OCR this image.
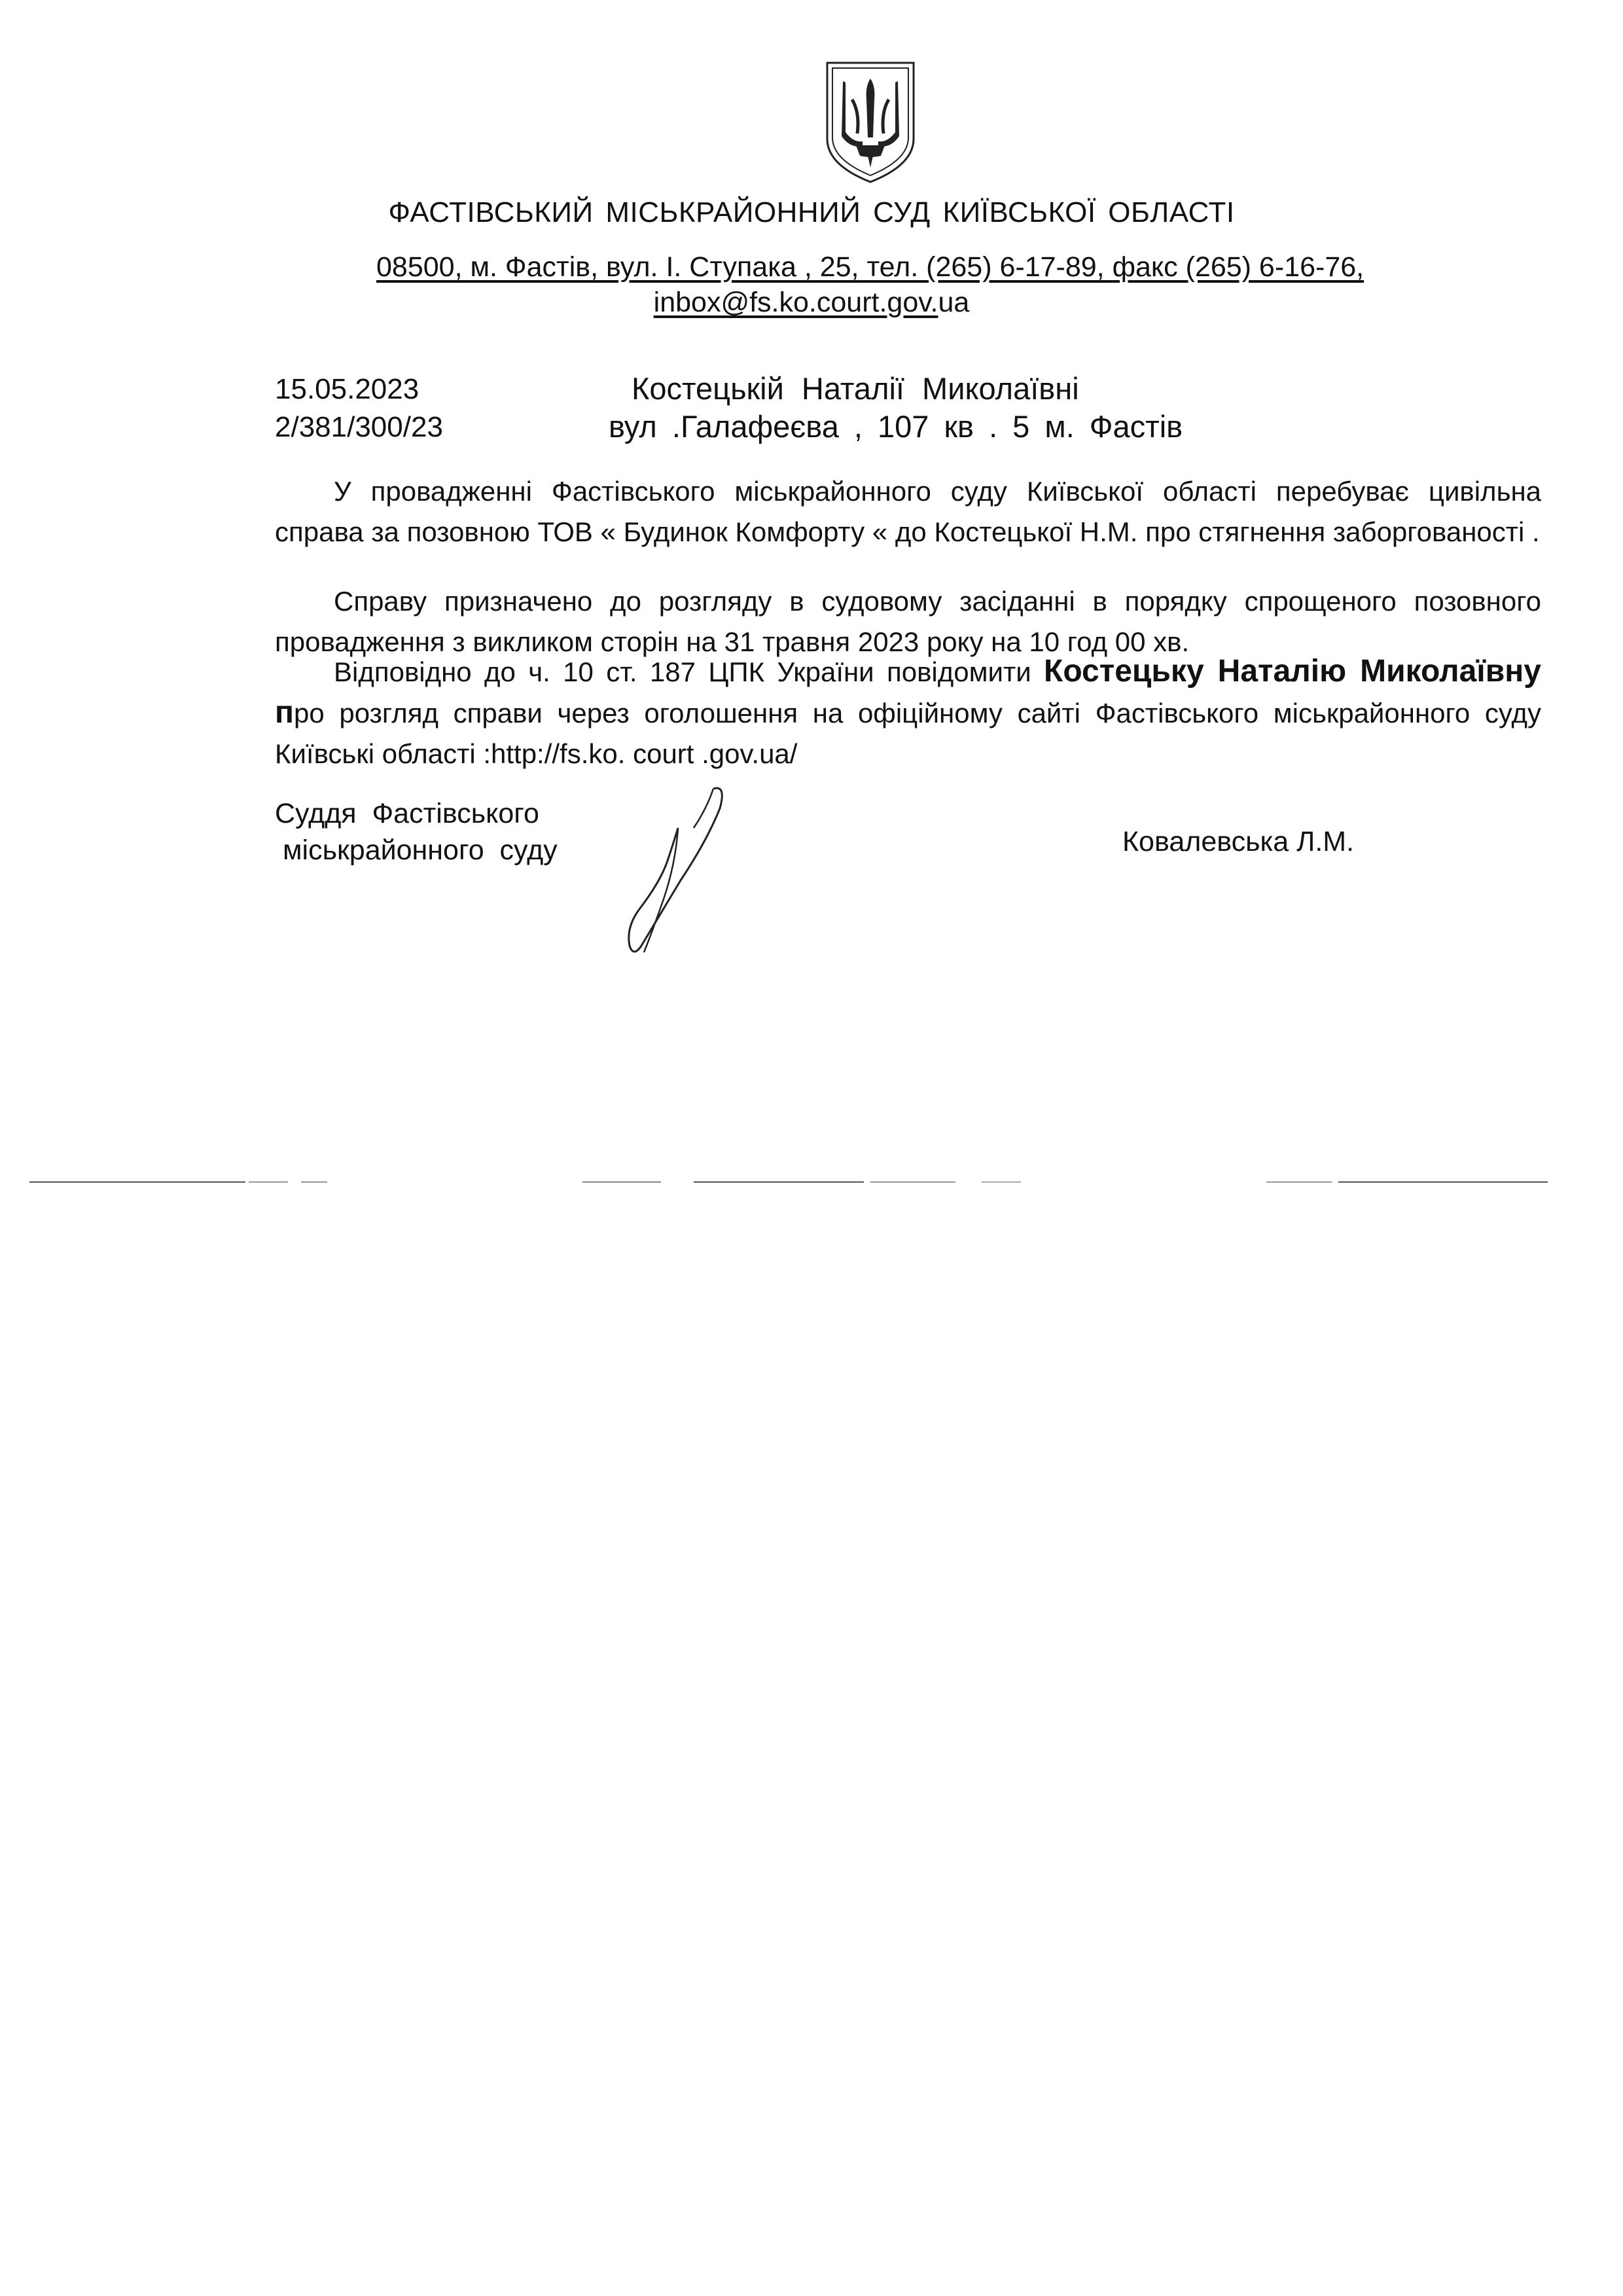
ФАСТІВСЬКИЙ МІСЬКРАЙОННИЙ СУД КИЇВСЬКОЇ ОБЛАСТІ
08500, м. Фастів, вул. І. Ступака , 25, тел. (265) 6-17-89, факс (265) 6-16-76,
inbox@fs.ko.court.gov.ua
15.05.2023
2/381/300/23
Костецькій Наталії Миколаївні
вул .Галафеєва , 107 кв . 5 м. Фастів

У провадженні Фастівського міськрайонного суду Київської області перебуває цивільна справа за позовною ТОВ « Будинок Комфорту « до Костецької Н.М. про стягнення заборгованості .

Справу призначено до розгляду в судовому засіданні в порядку спрощеного позовного провадження з викликом сторін на 31 травня 2023 року на 10 год 00 хв.

Відповідно до ч. 10 ст. 187 ЦПК України повідомити Костецьку Наталію Миколаївну про розгляд справи через оголошення на офіційному сайті Фастівського міськрайонного суду Київські області :http://fs.ko. court .gov.ua/

Суддя  Фастівського
міськрайонного  суду	Ковалевська Л.М.
